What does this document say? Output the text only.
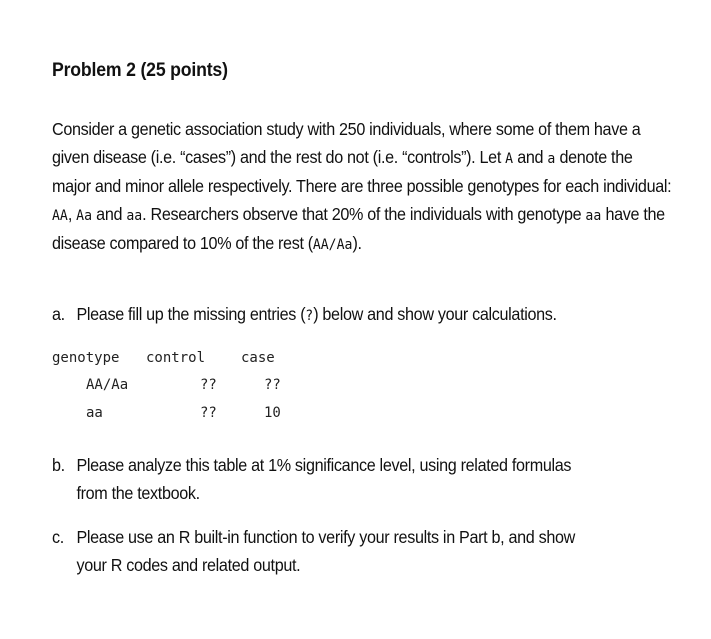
Problem 2 (25 points)
Consider a genetic association study with 250 individuals, where some of them have a given disease (i.e. “cases”) and the rest do not (i.e. “controls”). Let A and a denote the major and minor allele respectively. There are three possible genotypes for each individual: AA, Aa and aa. Researchers observe that 20% of the individuals with genotype aa have the disease compared to 10% of the rest (AA/Aa).
a. Please fill up the missing entries (?) below and show your calculations.
genotype control	case
AA/Aa	??	??
aa	??	10
b. Please analyze this table at 1% significance level, using related formulas
from the textbook.
c. Please use an R built-in function to verify your results in Part b, and show
your R codes and related output.
